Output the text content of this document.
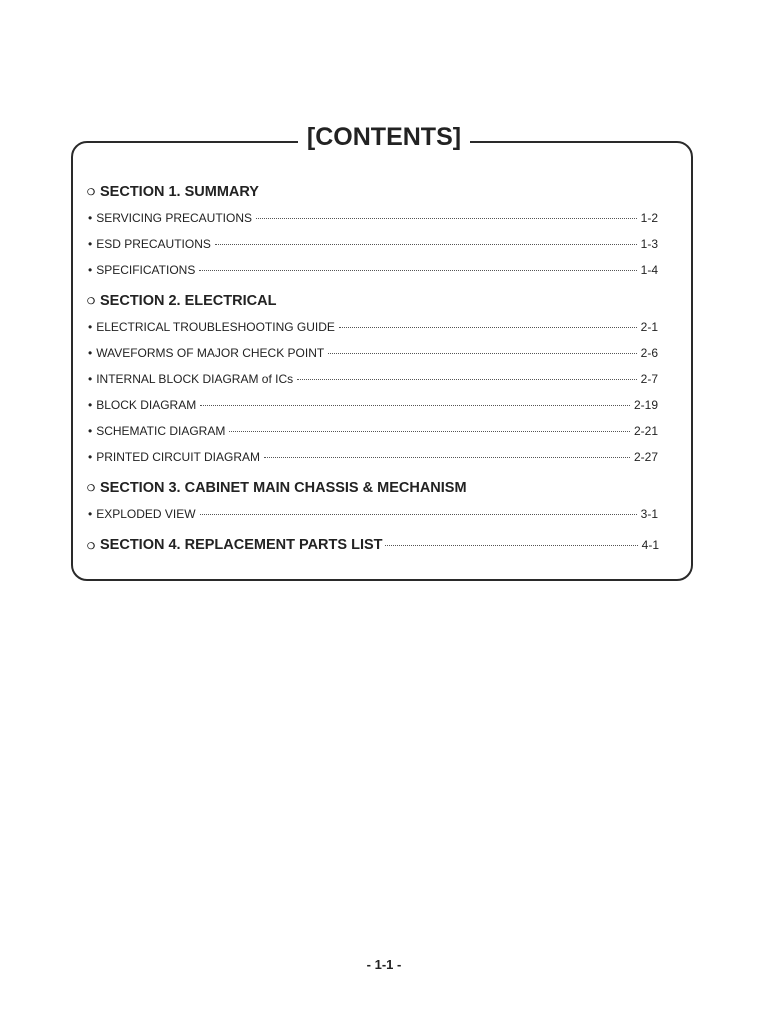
[CONTENTS]
❍ SECTION 1. SUMMARY
• SERVICING PRECAUTIONS	1-2
• ESD PRECAUTIONS	1-3
• SPECIFICATIONS	1-4
❍ SECTION 2. ELECTRICAL
• ELECTRICAL TROUBLESHOOTING GUIDE	2-1
• WAVEFORMS OF MAJOR CHECK POINT	2-6
• INTERNAL BLOCK DIAGRAM of ICs	2-7
• BLOCK DIAGRAM	2-19
• SCHEMATIC DIAGRAM	2-21
• PRINTED CIRCUIT DIAGRAM	2-27
❍ SECTION 3. CABINET MAIN CHASSIS & MECHANISM
• EXPLODED VIEW	3-1
❍ SECTION 4. REPLACEMENT PARTS LIST	4-1
- 1-1 -
